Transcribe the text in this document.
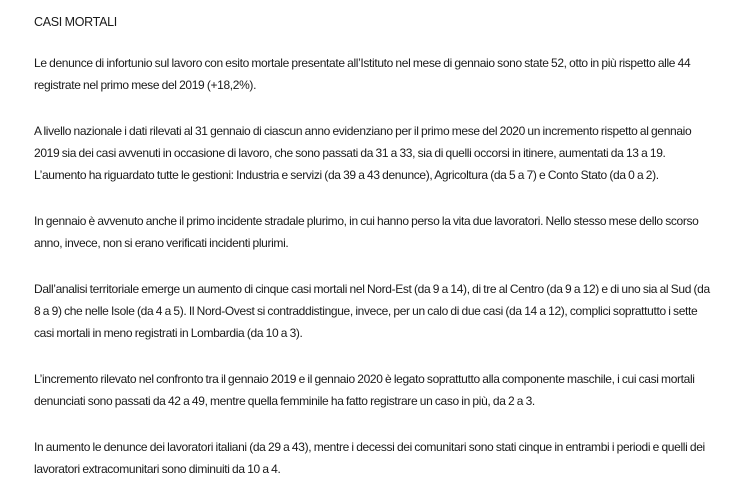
CASI MORTALI

Le denunce di infortunio sul lavoro con esito mortale presentate all’Istituto nel mese di gennaio sono state 52, otto in più rispetto alle 44 registrate nel primo mese del 2019 (+18,2%).

A livello nazionale i dati rilevati al 31 gennaio di ciascun anno evidenziano per il primo mese del 2020 un incremento rispetto al gennaio 2019 sia dei casi avvenuti in occasione di lavoro, che sono passati da 31 a 33, sia di quelli occorsi in itinere, aumentati da 13 a 19. L’aumento ha riguardato tutte le gestioni: Industria e servizi (da 39 a 43 denunce), Agricoltura (da 5 a 7) e Conto Stato (da 0 a 2).

In gennaio è avvenuto anche il primo incidente stradale plurimo, in cui hanno perso la vita due lavoratori. Nello stesso mese dello scorso anno, invece, non si erano verificati incidenti plurimi.

Dall’analisi territoriale emerge un aumento di cinque casi mortali nel Nord-Est (da 9 a 14), di tre al Centro (da 9 a 12) e di uno sia al Sud (da 8 a 9) che nelle Isole (da 4 a 5). Il Nord-Ovest si contraddistingue, invece, per un calo di due casi (da 14 a 12), complici soprattutto i sette casi mortali in meno registrati in Lombardia (da 10 a 3).

L’incremento rilevato nel confronto tra il gennaio 2019 e il gennaio 2020 è legato soprattutto alla componente maschile, i cui casi mortali denunciati sono passati da 42 a 49, mentre quella femminile ha fatto registrare un caso in più, da 2 a 3.

In aumento le denunce dei lavoratori italiani (da 29 a 43), mentre i decessi dei comunitari sono stati cinque in entrambi i periodi e quelli dei lavoratori extracomunitari sono diminuiti da 10 a 4.
